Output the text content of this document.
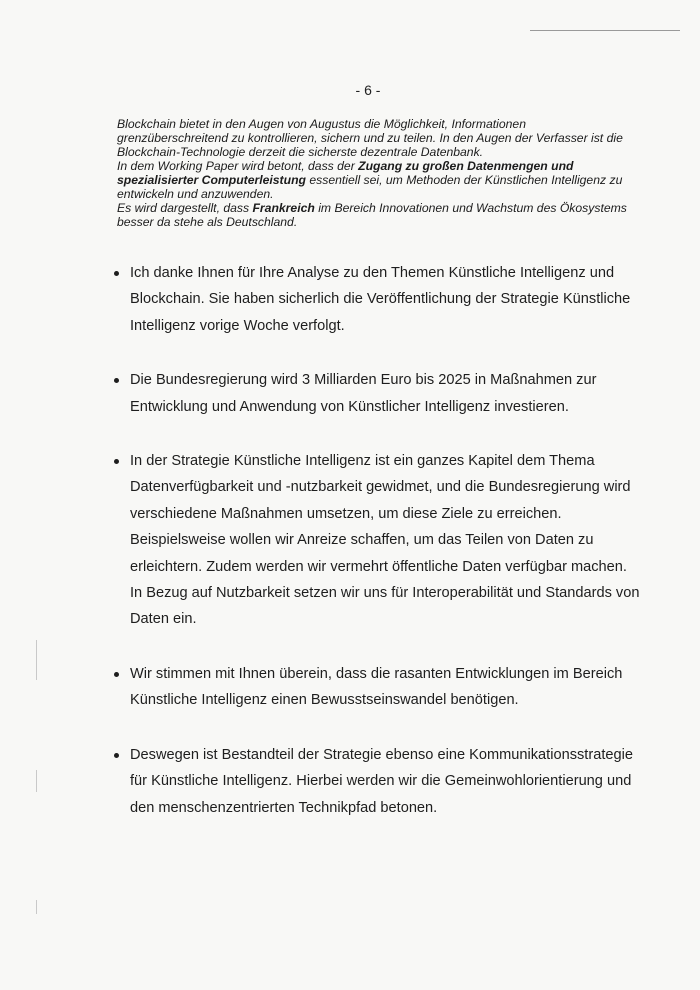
- 6 -

Blockchain bietet in den Augen von Augustus die Möglichkeit, Informationen grenzüberschreitend zu kontrollieren, sichern und zu teilen. In den Augen der Verfasser ist die Blockchain-Technologie derzeit die sicherste dezentrale Datenbank.

In dem Working Paper wird betont, dass der Zugang zu großen Datenmengen und spezialisierter Computerleistung essentiell sei, um Methoden der Künstlichen Intelligenz zu entwickeln und anzuwenden.

Es wird dargestellt, dass Frankreich im Bereich Innovationen und Wachstum des Ökosystems besser da stehe als Deutschland.

Ich danke Ihnen für Ihre Analyse zu den Themen Künstliche Intelligenz und Blockchain. Sie haben sicherlich die Veröffentlichung der Strategie Künstliche Intelligenz vorige Woche verfolgt.
Die Bundesregierung wird 3 Milliarden Euro bis 2025 in Maßnahmen zur Entwicklung und Anwendung von Künstlicher Intelligenz investieren.
In der Strategie Künstliche Intelligenz ist ein ganzes Kapitel dem Thema Datenverfügbarkeit und -nutzbarkeit gewidmet, und die Bundesregierung wird verschiedene Maßnahmen umsetzen, um diese Ziele zu erreichen. Beispielsweise wollen wir Anreize schaffen, um das Teilen von Daten zu erleichtern. Zudem werden wir vermehrt öffentliche Daten verfügbar machen. In Bezug auf Nutzbarkeit setzen wir uns für Interoperabilität und Standards von Daten ein.
Wir stimmen mit Ihnen überein, dass die rasanten Entwicklungen im Bereich Künstliche Intelligenz einen Bewusstseinswandel benötigen.
Deswegen ist Bestandteil der Strategie ebenso eine Kommunikationsstrategie für Künstliche Intelligenz. Hierbei werden wir die Gemeinwohlorientierung und den menschenzentrierten Technikpfad betonen.
